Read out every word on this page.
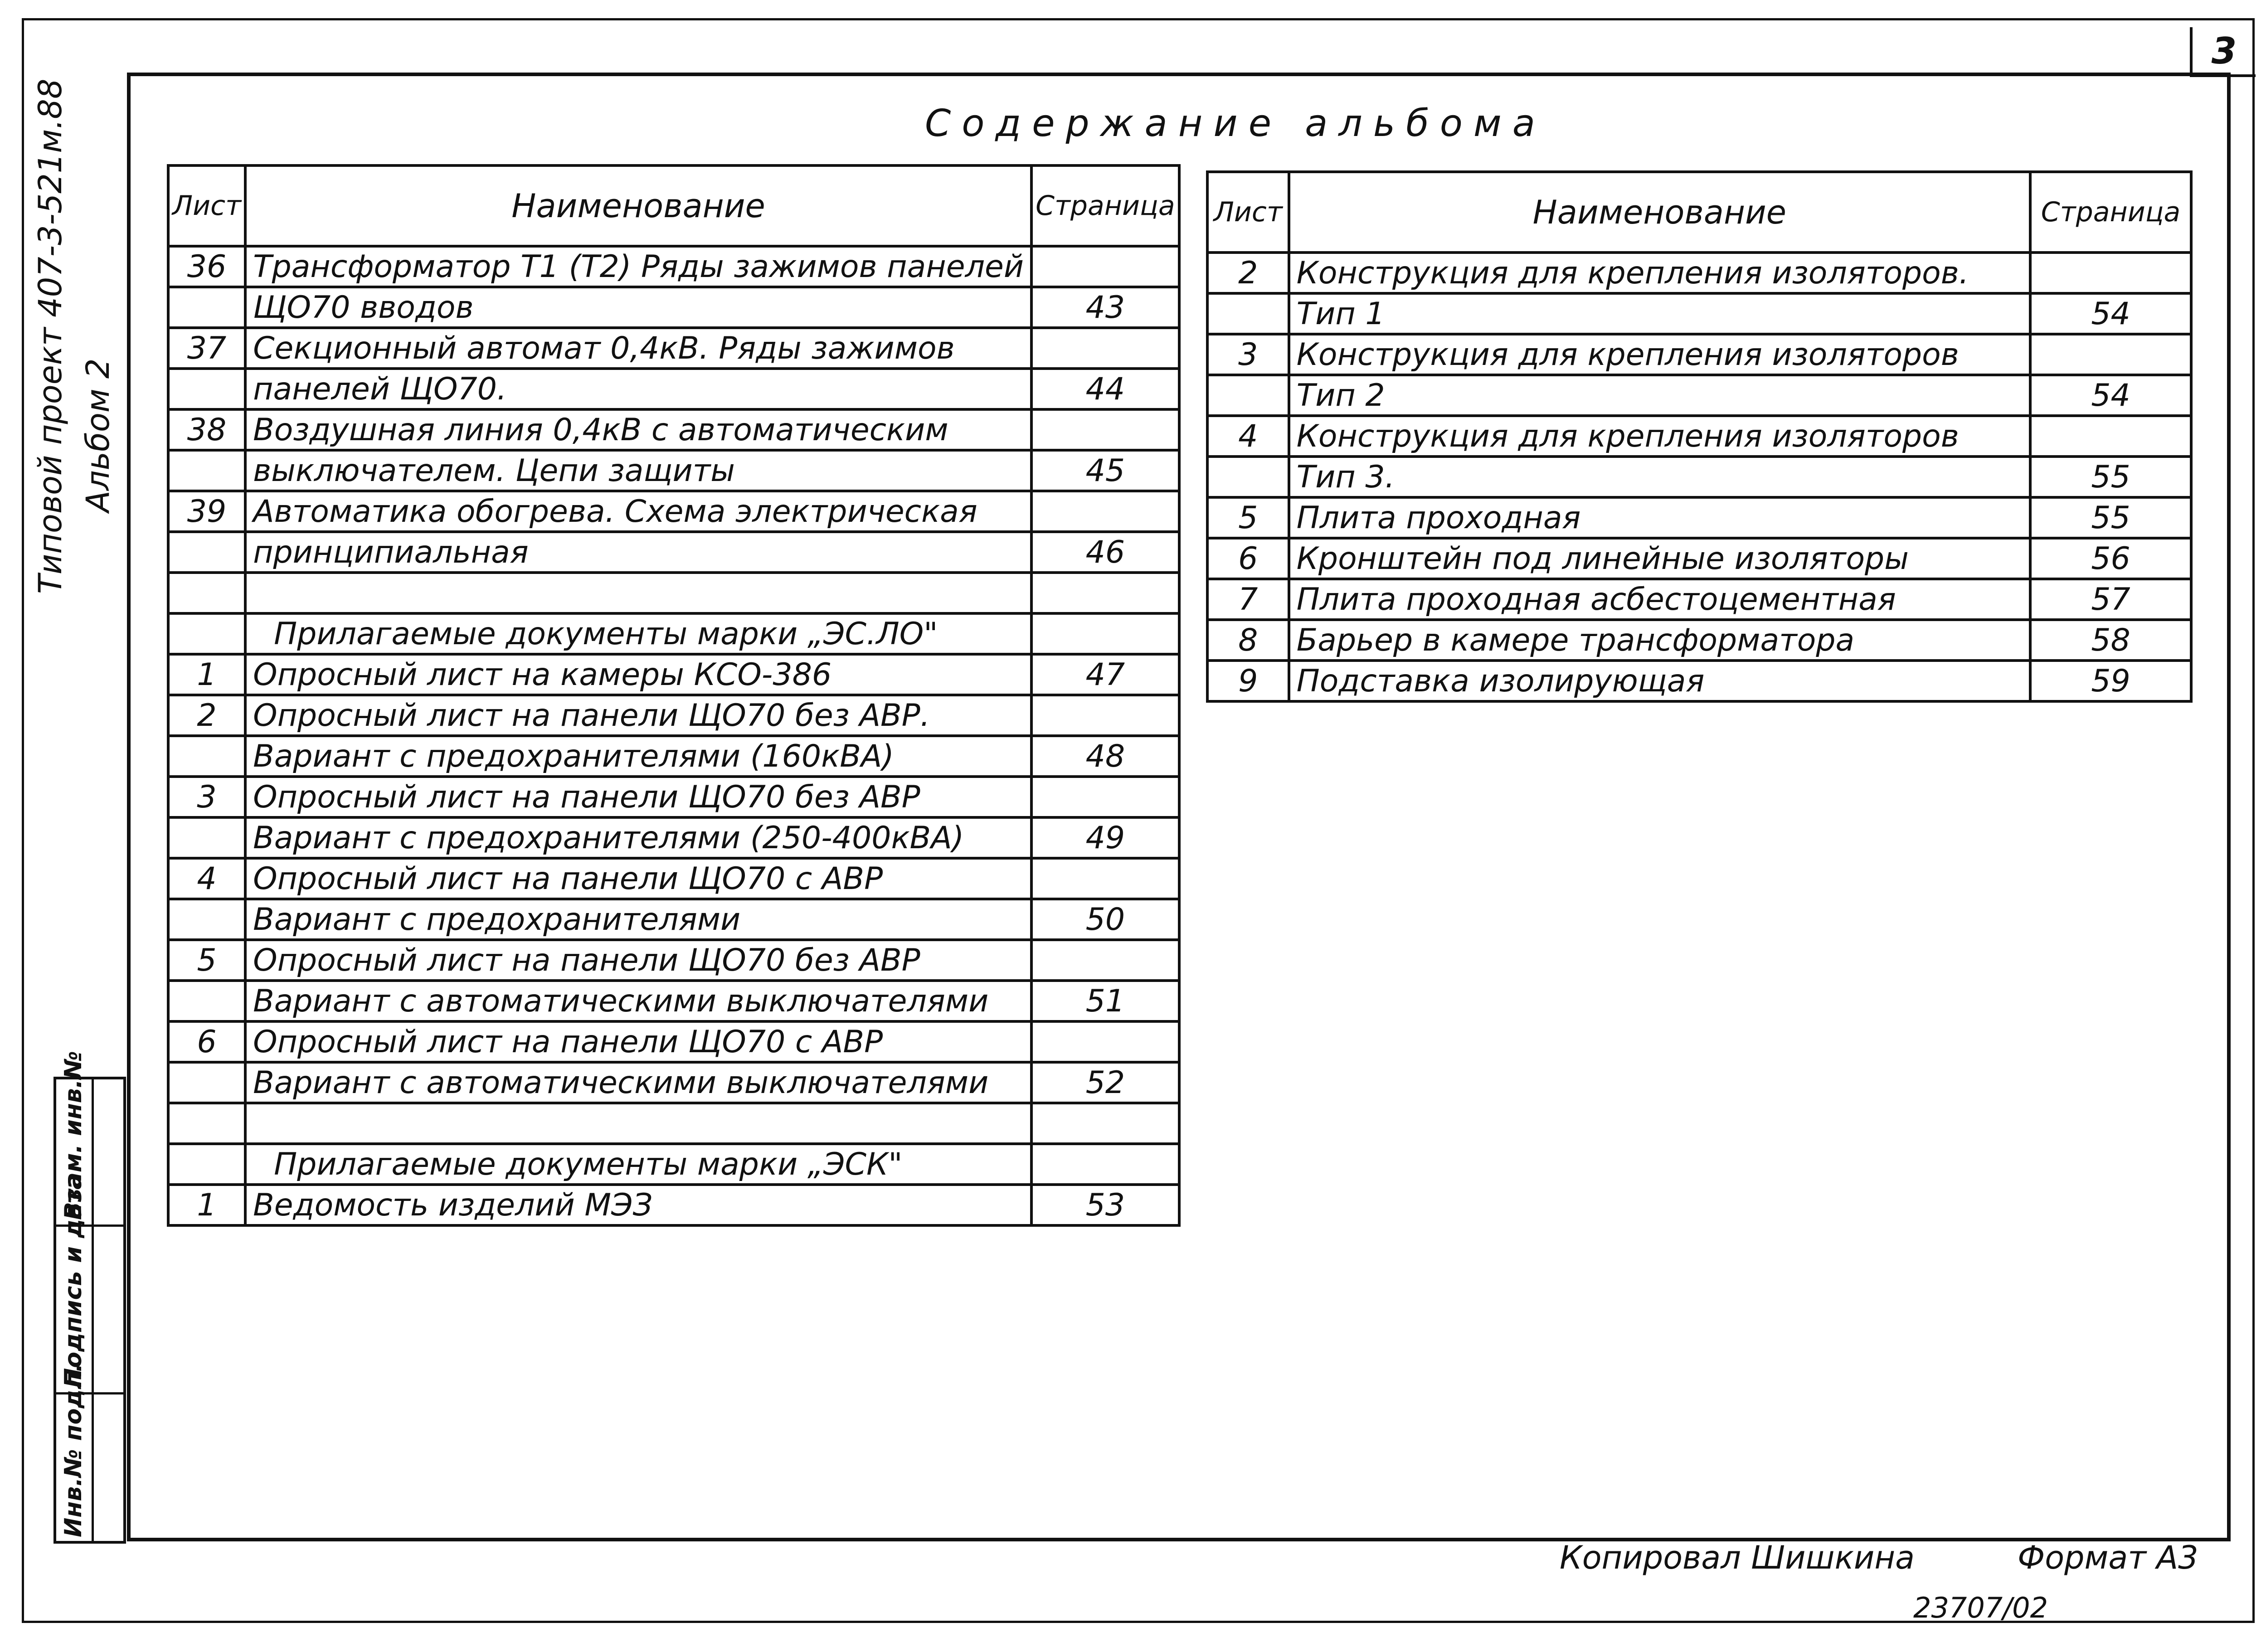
3
Типовой проект 407-3-521м.88 Альбом 2
Инв.№ подл.
Подпись и дата
Взам. инв.№
Содержание альбома
Лист	Наименование	Страница
36	Трансформатор Т1 (Т2) Ряды зажимов панелей	
	ЩО70 вводов	43
37	Секционный автомат 0,4кВ. Ряды зажимов	
	панелей ЩО70.	44
38	Воздушная линия 0,4кВ с автоматическим	
	выключателем. Цепи защиты	45
39	Автоматика обогрева. Схема электрическая	
	принципиальная	46

	Прилагаемые документы марки „ЭС.ЛО"	
1	Опросный лист на камеры КСО-386	47
2	Опросный лист на панели ЩО70 без АВР.	
	Вариант с предохранителями (160кВА)	48
3	Опросный лист на панели ЩО70 без АВР	
	Вариант с предохранителями (250-400кВА)	49
4	Опросный лист на панели ЩО70 с АВР	
	Вариант с предохранителями	50
5	Опросный лист на панели ЩО70 без АВР	
	Вариант с автоматическими выключателями	51
6	Опросный лист на панели ЩО70 с АВР	
	Вариант с автоматическими выключателями	52

	Прилагаемые документы марки „ЭСК"	
1	Ведомость изделий МЭЗ	53
Лист	Наименование	Страница
2	Конструкция для крепления изоляторов.	
	Тип 1	54
3	Конструкция для крепления изоляторов	
	Тип 2	54
4	Конструкция для крепления изоляторов	
	Тип 3.	55
5	Плита проходная	55
6	Кронштейн под линейные изоляторы	56
7	Плита проходная асбестоцементная	57
8	Барьер в камере трансформатора	58
9	Подставка изолирующая	59
Копировал Шишкина	Формат А3
23707/02
